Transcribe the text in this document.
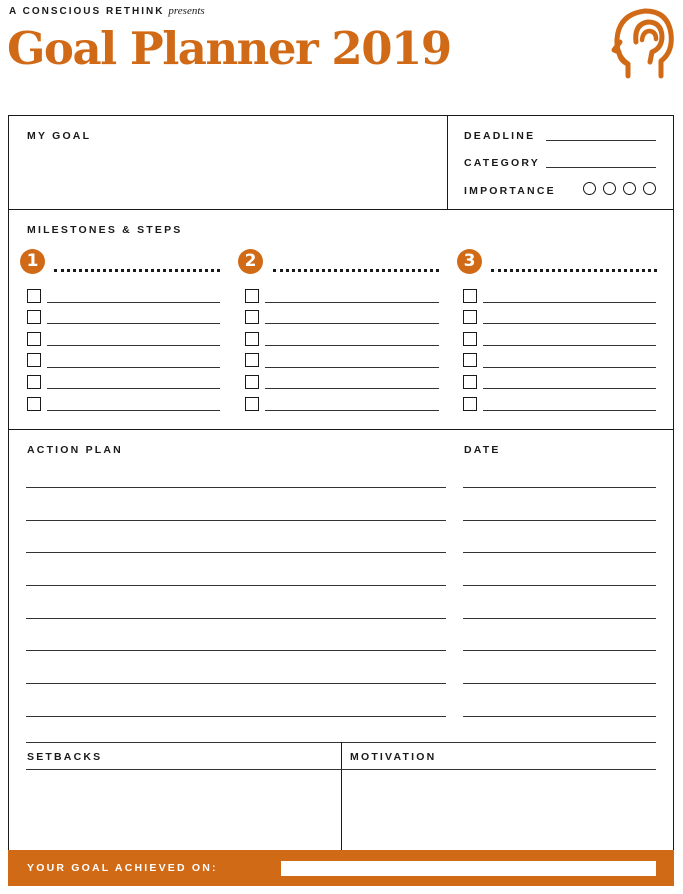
A CONSCIOUS RETHINK presents
Goal Planner 2019
MY GOAL	DEADLINE
CATEGORY
IMPORTANCE
MILESTONES & STEPS
1	2	3
ACTION PLAN	DATE
SETBACKS	MOTIVATION
YOUR GOAL ACHIEVED ON:
